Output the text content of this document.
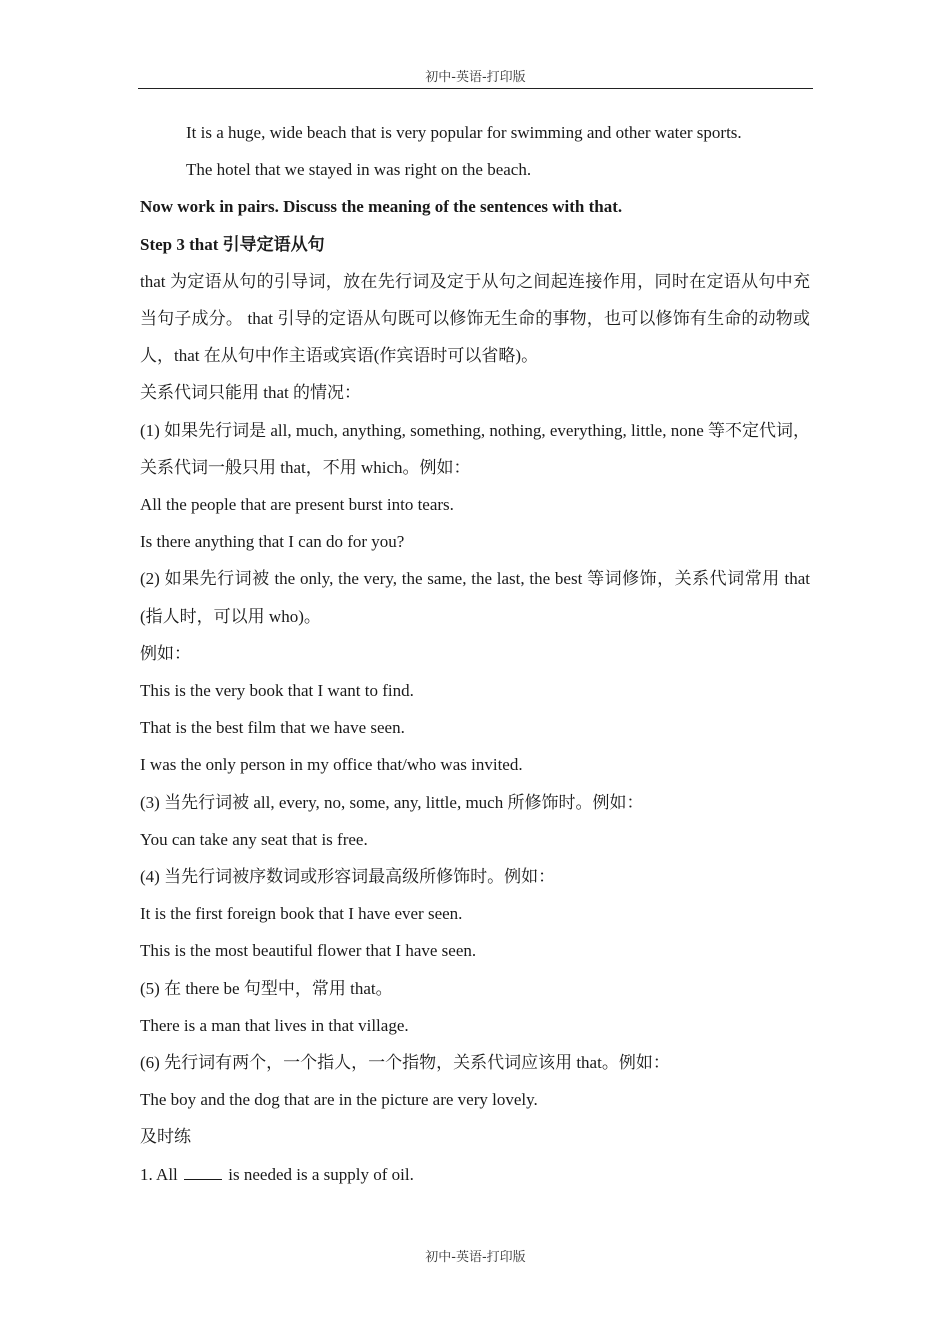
初中-英语-打印版

It is a huge, wide beach that is very popular for swimming and other water sports.

The hotel that we stayed in was right on the beach.

Now work in pairs. Discuss the meaning of the sentences with that.

Step 3 that 引导定语从句

that 为定语从句的引导词，放在先行词及定于从句之间起连接作用，同时在定语从句中充当句子成分。 that 引导的定语从句既可以修饰无生命的事物，也可以修饰有生命的动物或人，that 在从句中作主语或宾语(作宾语时可以省略)。

关系代词只能用 that 的情况：

(1) 如果先行词是 all, much, anything, something, nothing, everything, little, none 等不定代词，关系代词一般只用 that，不用 which。例如：

All the people that are present burst into tears.

Is there anything that I can do for you?

(2) 如果先行词被 the only, the very, the same, the last, the best 等词修饰，关系代词常用 that (指人时，可以用 who)。

例如：

This is the very book that I want to find.

That is the best film that we have seen.

I was the only person in my office that/who was invited.

(3) 当先行词被 all, every, no, some, any, little, much 所修饰时。例如：

You can take any seat that is free.

(4) 当先行词被序数词或形容词最高级所修饰时。例如：

It is the first foreign book that I have ever seen.

This is the most beautiful flower that I have seen.

(5) 在 there be 句型中，常用 that。

There is a man that lives in that village.

(6) 先行词有两个，一个指人，一个指物，关系代词应该用 that。例如：

The boy and the dog that are in the picture are very lovely.

及时练

1. All	is needed is a supply of oil.

初中-英语-打印版
